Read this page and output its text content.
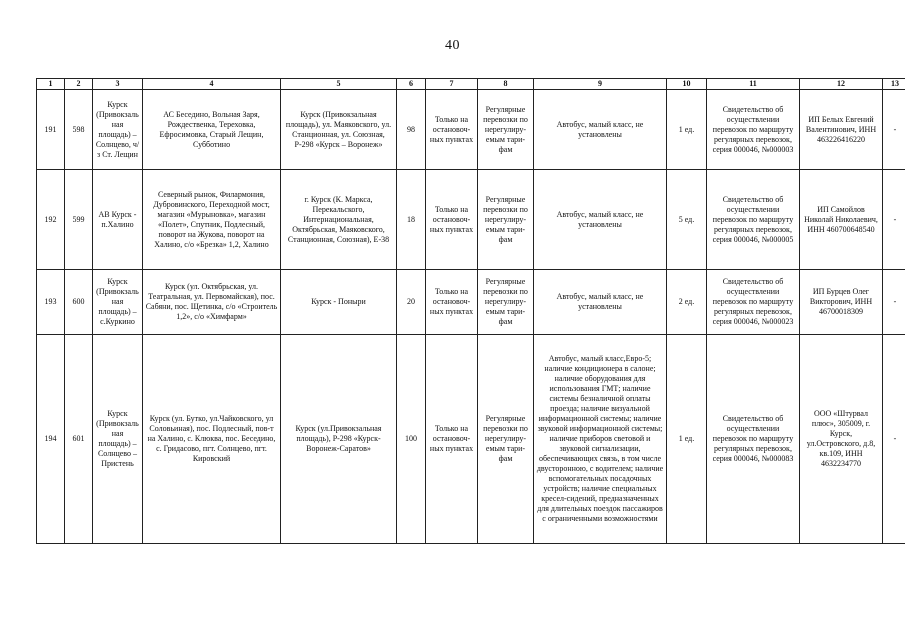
40
1	2	3	4	5	6	7	8	9	10	11	12	13
191	598	Курск (Привокзаль ная площадь) – Солнцево, ч/з Ст. Лещин	АС Беседино, Вольная Заря, Рождественка, Тереховка, Ефросимовка, Старый Лещин, Субботино	Курск (Привокзальная площадь), ул. Маяковского, ул. Станционная, ул. Союзная, Р-298 «Курск – Воронеж»	98	Только на остановоч- ных пунктах	Регулярные перевозки по нерегулиру- емым тари- фам	Автобус, малый класс, не установлены	1 ед.	Свидетельство об осуществлении перевозок по маршруту регулярных перевозок, серия 000046, №000003	ИП Белых Евгений Валентинович, ИНН 463226416220	-
192	599	АВ Курск - п.Халино	Северный рынок, Филармония, Дубровинского, Переходной мост, магазин «Мурыновка», магазин «Полет», Спутник, Подлесный, поворот на Жукова, поворот на Халино, с/о «Брезка» 1,2, Халино	г. Курск (К. Маркса, Перекальского, Интернациональная, Октябрьская, Маяковского, Станционная, Союзная), Е-38	18	Только на остановоч- ных пунктах	Регулярные перевозки по нерегулиру- емым тари- фам	Автобус, малый класс, не установлены	5 ед.	Свидетельство об осуществлении перевозок по маршруту регулярных перевозок, серия 000046, №000005	ИП Самойлов Николай Николаевич, ИНН 460700648540	-
193	600	Курск (Привокзаль ная площадь) – с.Куркино	Курск (ул. Октябрьская, ул. Театральная, ул. Первомайская), пос. Сабяни, пос. Щетинка, с/о «Строитель 1,2», с/о «Химфарм»	Курск - Поныри	20	Только на остановоч- ных пунктах	Регулярные перевозки по нерегулиру- емым тари- фам	Автобус, малый класс, не установлены	2 ед.	Свидетельство об осуществлении перевозок по маршруту регулярных перевозок, серия 000046, №000023	ИП Бурцев Олег Викторович, ИНН 46700018309	-
194	601	Курск (Привокзаль ная площадь) – Солнцево – Пристень	Курск (ул. Бутко, ул.Чайковского, ул Соловьиная), пос. Подлесный, пов-т на Халино, с. Клюква, пос. Беседино, с. Гридасово, пгт. Солнцево, пгт. Кировский	Курск (ул.Привокзальная площадь), Р-298 «Курск-Воронеж-Саратов»	100	Только на остановоч- ных пунктах	Регулярные перевозки по нерегулиру- емым тари- фам	Автобус, малый класс,Евро-5; наличие кондиционера в салоне; наличие оборудования для использования ГМТ; наличие системы безналичной оплаты проезда; наличие визуальной информационной системы; наличие звуковой информационной системы; наличие приборов световой и звуковой сигнализации, обеспечивающих связь, в том числе двусторонною, с водителем; наличие вспомогательных посадочных устройств; наличие специальных кресел-сидений, предназначенных для длительных поездок пассажиров с ограниченными возможностями	1 ед.	Свидетельство об осуществлении перевозок по маршруту регулярных перевозок, серия 000046, №000083	ООО «Штурвал плюс», 305009, г. Курск, ул.Островского, д.8, кв.109, ИНН 4632234770	-
